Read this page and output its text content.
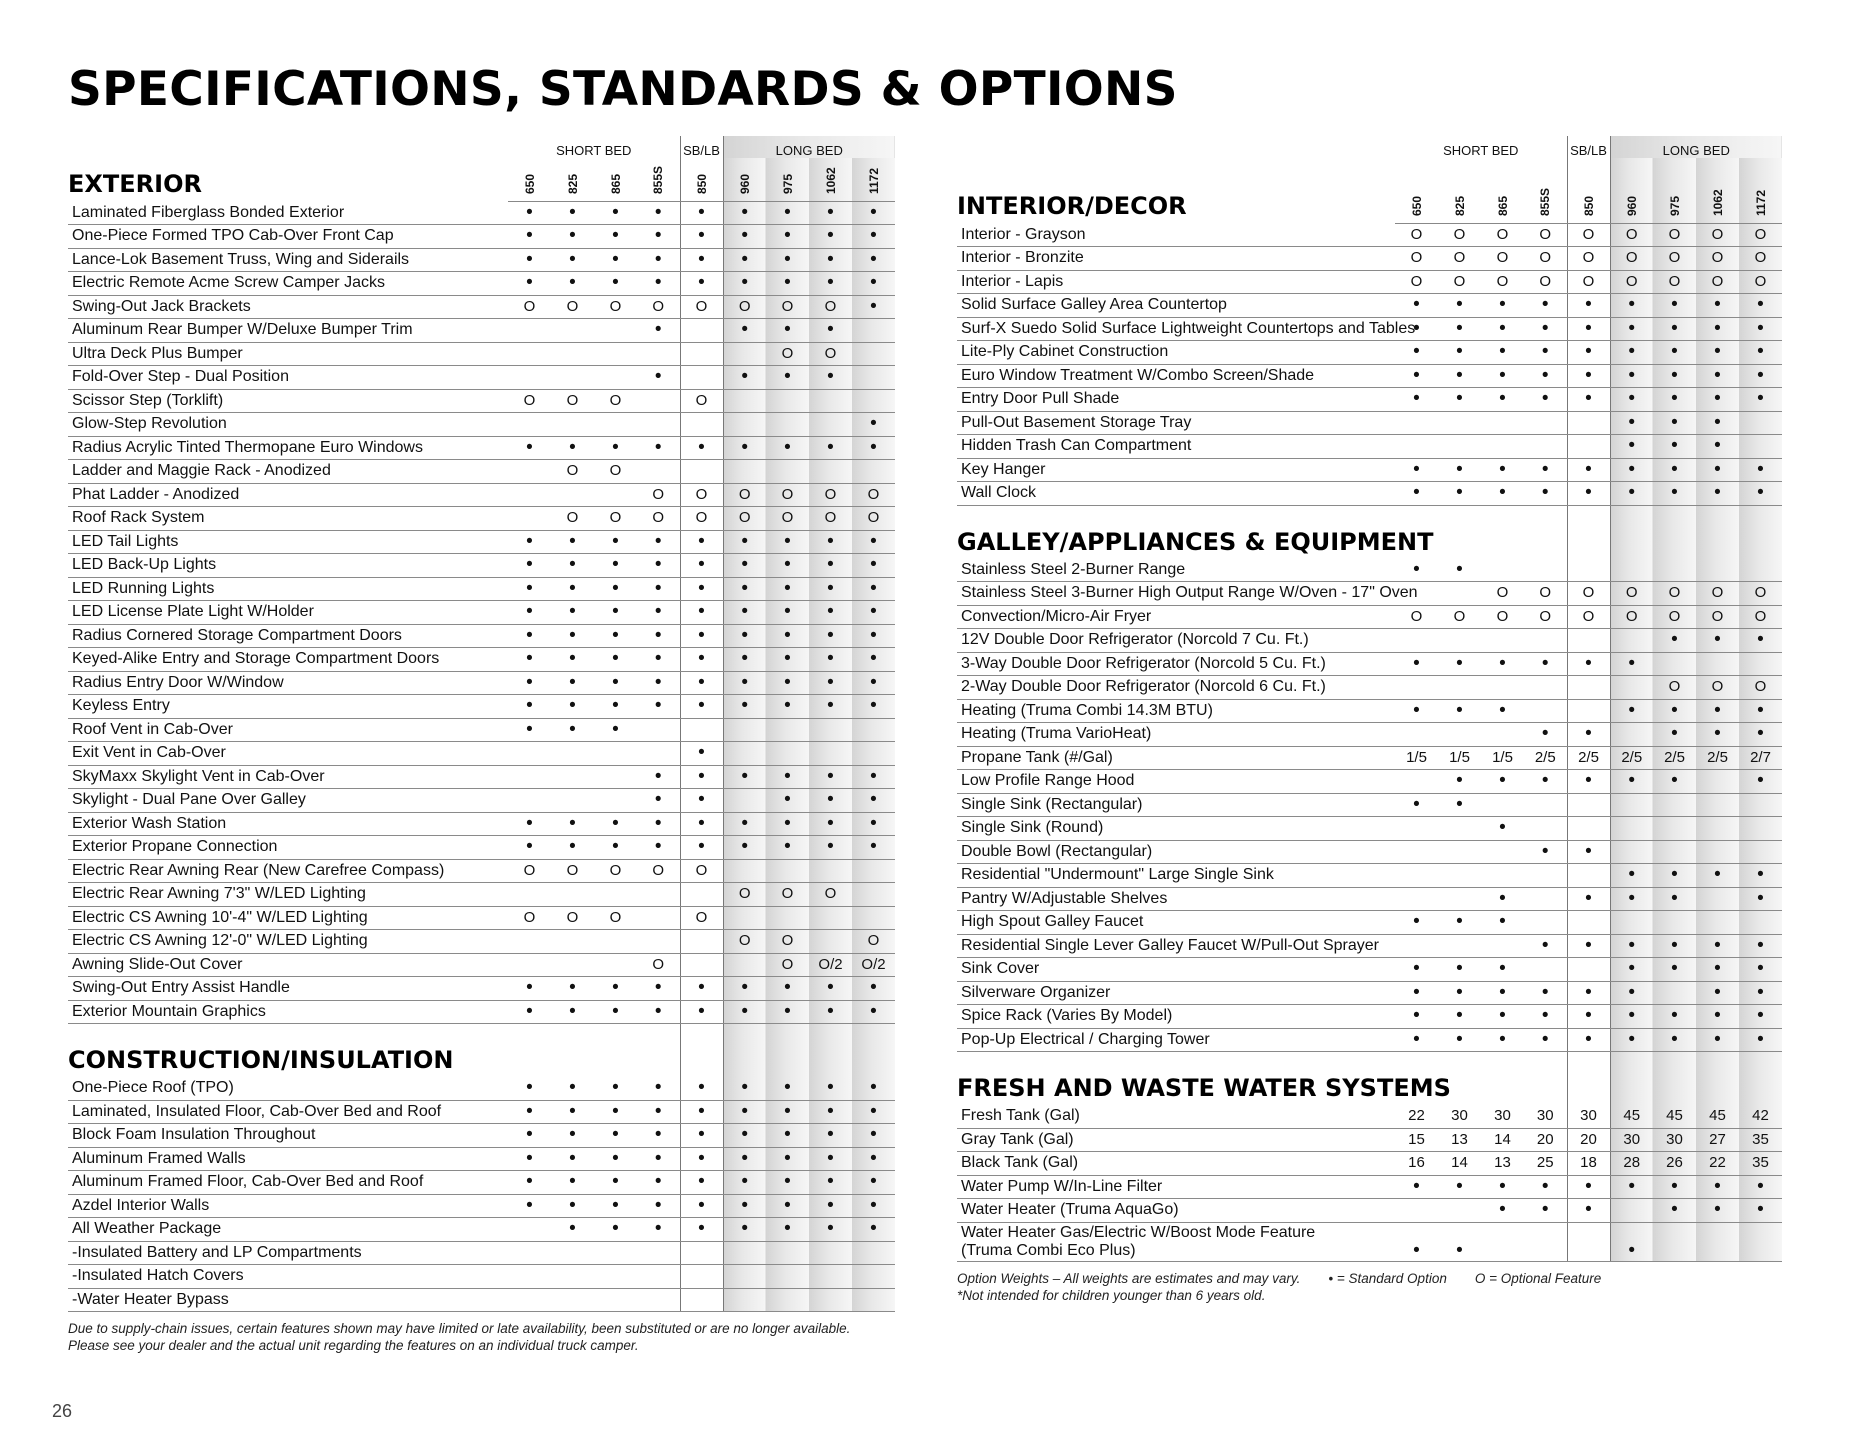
SPECIFICATIONS, STANDARDS & OPTIONS
	SHORT BED				SB/LB	LONG BED			
EXTERIOR	650	825	865	855S	850	960	975	1062	1172
Laminated Fiberglass Bonded Exterior	•	•	•	•	•	•	•	•	•
One-Piece Formed TPO Cab-Over Front Cap	•	•	•	•	•	•	•	•	•
Lance-Lok Basement Truss, Wing and Siderails	•	•	•	•	•	•	•	•	•
Electric Remote Acme Screw Camper Jacks	•	•	•	•	•	•	•	•	•
Swing-Out Jack Brackets	O	O	O	O	O	O	O	O	•
Aluminum Rear Bumper W/Deluxe Bumper Trim				•		•	•	•	
Ultra Deck Plus Bumper							O	O	
Fold-Over Step - Dual Position				•		•	•	•	
Scissor Step (Torklift)	O	O	O		O				
Glow-Step Revolution									•
Radius Acrylic Tinted Thermopane Euro Windows	•	•	•	•	•	•	•	•	•
Ladder and Maggie Rack - Anodized		O	O						
Phat Ladder - Anodized				O	O	O	O	O	O
Roof Rack System		O	O	O	O	O	O	O	O
LED Tail Lights	•	•	•	•	•	•	•	•	•
LED Back-Up Lights	•	•	•	•	•	•	•	•	•
LED Running Lights	•	•	•	•	•	•	•	•	•
LED License Plate Light W/Holder	•	•	•	•	•	•	•	•	•
Radius Cornered Storage Compartment Doors	•	•	•	•	•	•	•	•	•
Keyed-Alike Entry and Storage Compartment Doors	•	•	•	•	•	•	•	•	•
Radius Entry Door W/Window	•	•	•	•	•	•	•	•	•
Keyless Entry	•	•	•	•	•	•	•	•	•
Roof Vent in Cab-Over	•	•	•						
Exit Vent in Cab-Over					•				
SkyMaxx Skylight Vent in Cab-Over				•	•	•	•	•	•
Skylight - Dual Pane Over Galley				•	•		•	•	•
Exterior Wash Station	•	•	•	•	•	•	•	•	•
Exterior Propane Connection	•	•	•	•	•	•	•	•	•
Electric Rear Awning Rear (New Carefree Compass)	O	O	O	O	O				
Electric Rear Awning 7'3" W/LED Lighting						O	O	O	
Electric CS Awning 10'-4" W/LED Lighting	O	O	O		O				
Electric CS Awning 12'-0" W/LED Lighting						O	O		O
Awning Slide-Out Cover				O			O	O/2	O/2
Swing-Out Entry Assist Handle	•	•	•	•	•	•	•	•	•
Exterior Mountain Graphics	•	•	•	•	•	•	•	•	•
CONSTRUCTION/INSULATION									
One-Piece Roof (TPO)	•	•	•	•	•	•	•	•	•
Laminated, Insulated Floor, Cab-Over Bed and Roof	•	•	•	•	•	•	•	•	•
Block Foam Insulation Throughout	•	•	•	•	•	•	•	•	•
Aluminum Framed Walls	•	•	•	•	•	•	•	•	•
Aluminum Framed Floor, Cab-Over Bed and Roof	•	•	•	•	•	•	•	•	•
Azdel Interior Walls	•	•	•	•	•	•	•	•	•
All Weather Package		•	•	•	•	•	•	•	•
-Insulated Battery and LP Compartments									
-Insulated Hatch Covers									
-Water Heater Bypass									
Due to supply-chain issues, certain features shown may have limited or late availability, been substituted or are no longer available.
Please see your dealer and the actual unit regarding the features on an individual truck camper.
	SHORT BED				SB/LB	LONG BED			
INTERIOR/DECOR	650	825	865	855S	850	960	975	1062	1172
Interior - Grayson	O	O	O	O	O	O	O	O	O
Interior - Bronzite	O	O	O	O	O	O	O	O	O
Interior - Lapis	O	O	O	O	O	O	O	O	O
Solid Surface Galley Area Countertop	•	•	•	•	•	•	•	•	•
Surf-X Suedo Solid Surface Lightweight Countertops and Tables	•	•	•	•	•	•	•	•	•
Lite-Ply Cabinet Construction	•	•	•	•	•	•	•	•	•
Euro Window Treatment W/Combo Screen/Shade	•	•	•	•	•	•	•	•	•
Entry Door Pull Shade	•	•	•	•	•	•	•	•	•
Pull-Out Basement Storage Tray						•	•	•	
Hidden Trash Can Compartment						•	•	•	
Key Hanger	•	•	•	•	•	•	•	•	•
Wall Clock	•	•	•	•	•	•	•	•	•
GALLEY/APPLIANCES & EQUIPMENT									
Stainless Steel 2-Burner Range	•	•							
Stainless Steel 3-Burner High Output Range W/Oven - 17" Oven			O	O	O	O	O	O	O
Convection/Micro-Air Fryer	O	O	O	O	O	O	O	O	O
12V Double Door Refrigerator (Norcold 7 Cu. Ft.)							•	•	•
3-Way Double Door Refrigerator (Norcold 5 Cu. Ft.)	•	•	•	•	•	•			
2-Way Double Door Refrigerator (Norcold 6 Cu. Ft.)							O	O	O
Heating (Truma Combi 14.3M BTU)	•	•	•			•	•	•	•
Heating (Truma VarioHeat)				•	•		•	•	•
Propane Tank (#/Gal)	1/5	1/5	1/5	2/5	2/5	2/5	2/5	2/5	2/7
Low Profile Range Hood		•	•	•	•	•	•		•
Single Sink (Rectangular)	•	•							
Single Sink (Round)			•						
Double Bowl (Rectangular)				•	•				
Residential "Undermount" Large Single Sink						•	•	•	•
Pantry W/Adjustable Shelves			•		•	•	•		•
High Spout Galley Faucet	•	•	•						
Residential Single Lever Galley Faucet W/Pull-Out Sprayer				•	•	•	•	•	•
Sink Cover	•	•	•			•	•	•	•
Silverware Organizer	•	•	•	•	•	•		•	•
Spice Rack (Varies By Model)	•	•	•	•	•	•	•	•	•
Pop-Up Electrical / Charging Tower	•	•	•	•	•	•	•	•	•
FRESH AND WASTE WATER SYSTEMS									
Fresh Tank (Gal)	22	30	30	30	30	45	45	45	42
Gray Tank (Gal)	15	13	14	20	20	30	30	27	35
Black Tank (Gal)	16	14	13	25	18	28	26	22	35
Water Pump W/In-Line Filter	•	•	•	•	•	•	•	•	•
Water Heater (Truma AquaGo)			•	•	•		•	•	•

Water Heater Gas/Electric W/Boost Mode Feature
(Truma Combi Eco Plus)	•	•				•			
Option Weights – All weights are estimates and may vary. • = Standard Option O = Optional Feature
*Not intended for children younger than 6 years old.
26
